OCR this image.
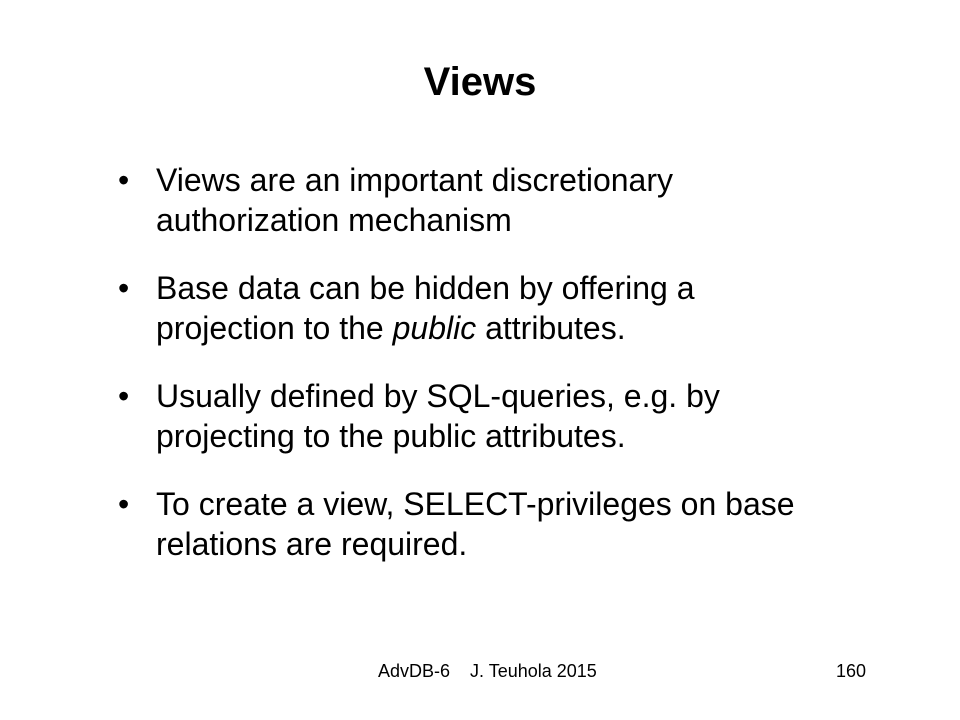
Views
• Views are an important discretionary authorization mechanism
• Base data can be hidden by offering a projection to the public attributes.
• Usually defined by SQL-queries, e.g. by projecting to the public attributes.
• To create a view, SELECT-privileges on base relations are required.
AdvDB-6    J. Teuhola 2015	160
